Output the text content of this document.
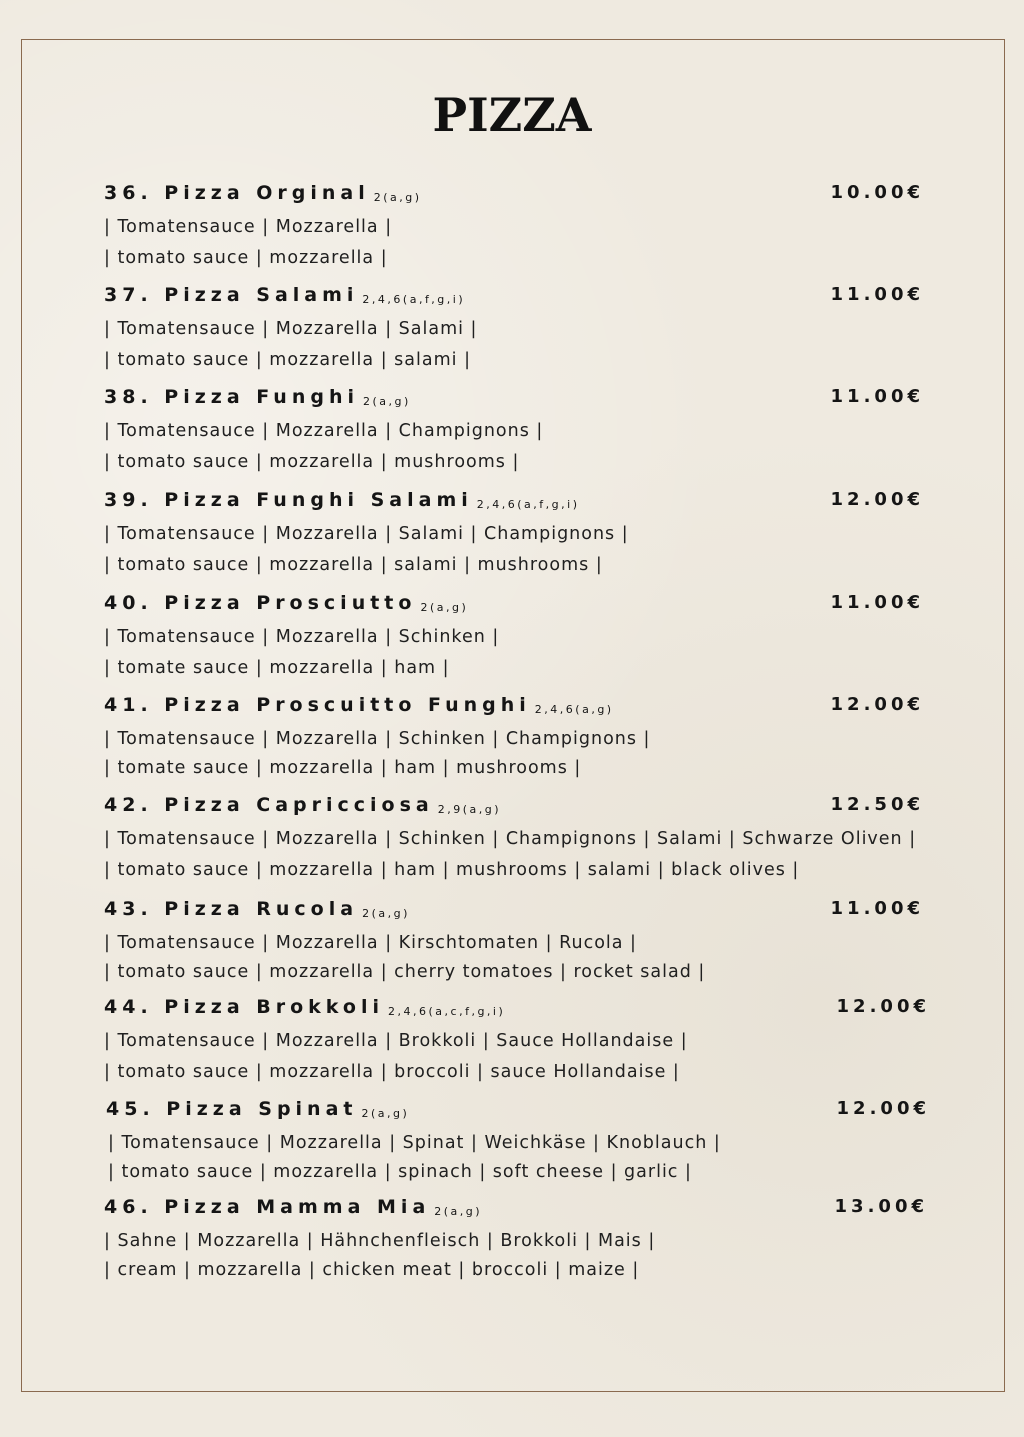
PIZZA
36. Pizza Orginal 2(a,g)	10.00€
| Tomatensauce | Mozzarella |
| tomato sauce | mozzarella |
37. Pizza Salami 2,4,6(a,f,g,i)	11.00€
| Tomatensauce | Mozzarella | Salami |
| tomato sauce | mozzarella | salami |
38. Pizza Funghi 2(a,g)	11.00€
| Tomatensauce | Mozzarella | Champignons |
| tomato sauce | mozzarella | mushrooms |
39. Pizza Funghi Salami 2,4,6(a,f,g,i)	12.00€
| Tomatensauce | Mozzarella | Salami | Champignons |
| tomato sauce | mozzarella | salami | mushrooms |
40. Pizza Prosciutto 2(a,g)	11.00€
| Tomatensauce | Mozzarella | Schinken |
| tomate sauce | mozzarella | ham |
41. Pizza Proscuitto Funghi 2,4,6(a,g)	12.00€
| Tomatensauce | Mozzarella | Schinken | Champignons |
| tomate sauce | mozzarella | ham | mushrooms |
42. Pizza Capricciosa 2,9(a,g)	12.50€
| Tomatensauce | Mozzarella | Schinken | Champignons | Salami | Schwarze Oliven |
| tomato sauce | mozzarella | ham | mushrooms | salami | black olives |
43. Pizza Rucola 2(a,g)	11.00€
| Tomatensauce | Mozzarella | Kirschtomaten | Rucola |
| tomato sauce | mozzarella | cherry tomatoes | rocket salad |
44. Pizza Brokkoli 2,4,6(a,c,f,g,i)	12.00€
| Tomatensauce | Mozzarella | Brokkoli | Sauce Hollandaise |
| tomato sauce | mozzarella | broccoli | sauce Hollandaise |
45. Pizza Spinat 2(a,g)	12.00€
| Tomatensauce | Mozzarella | Spinat | Weichkäse | Knoblauch |
| tomato sauce | mozzarella | spinach | soft cheese | garlic |
46. Pizza Mamma Mia 2(a,g)	13.00€
| Sahne | Mozzarella | Hähnchenfleisch | Brokkoli | Mais |
| cream | mozzarella | chicken meat | broccoli | maize |
